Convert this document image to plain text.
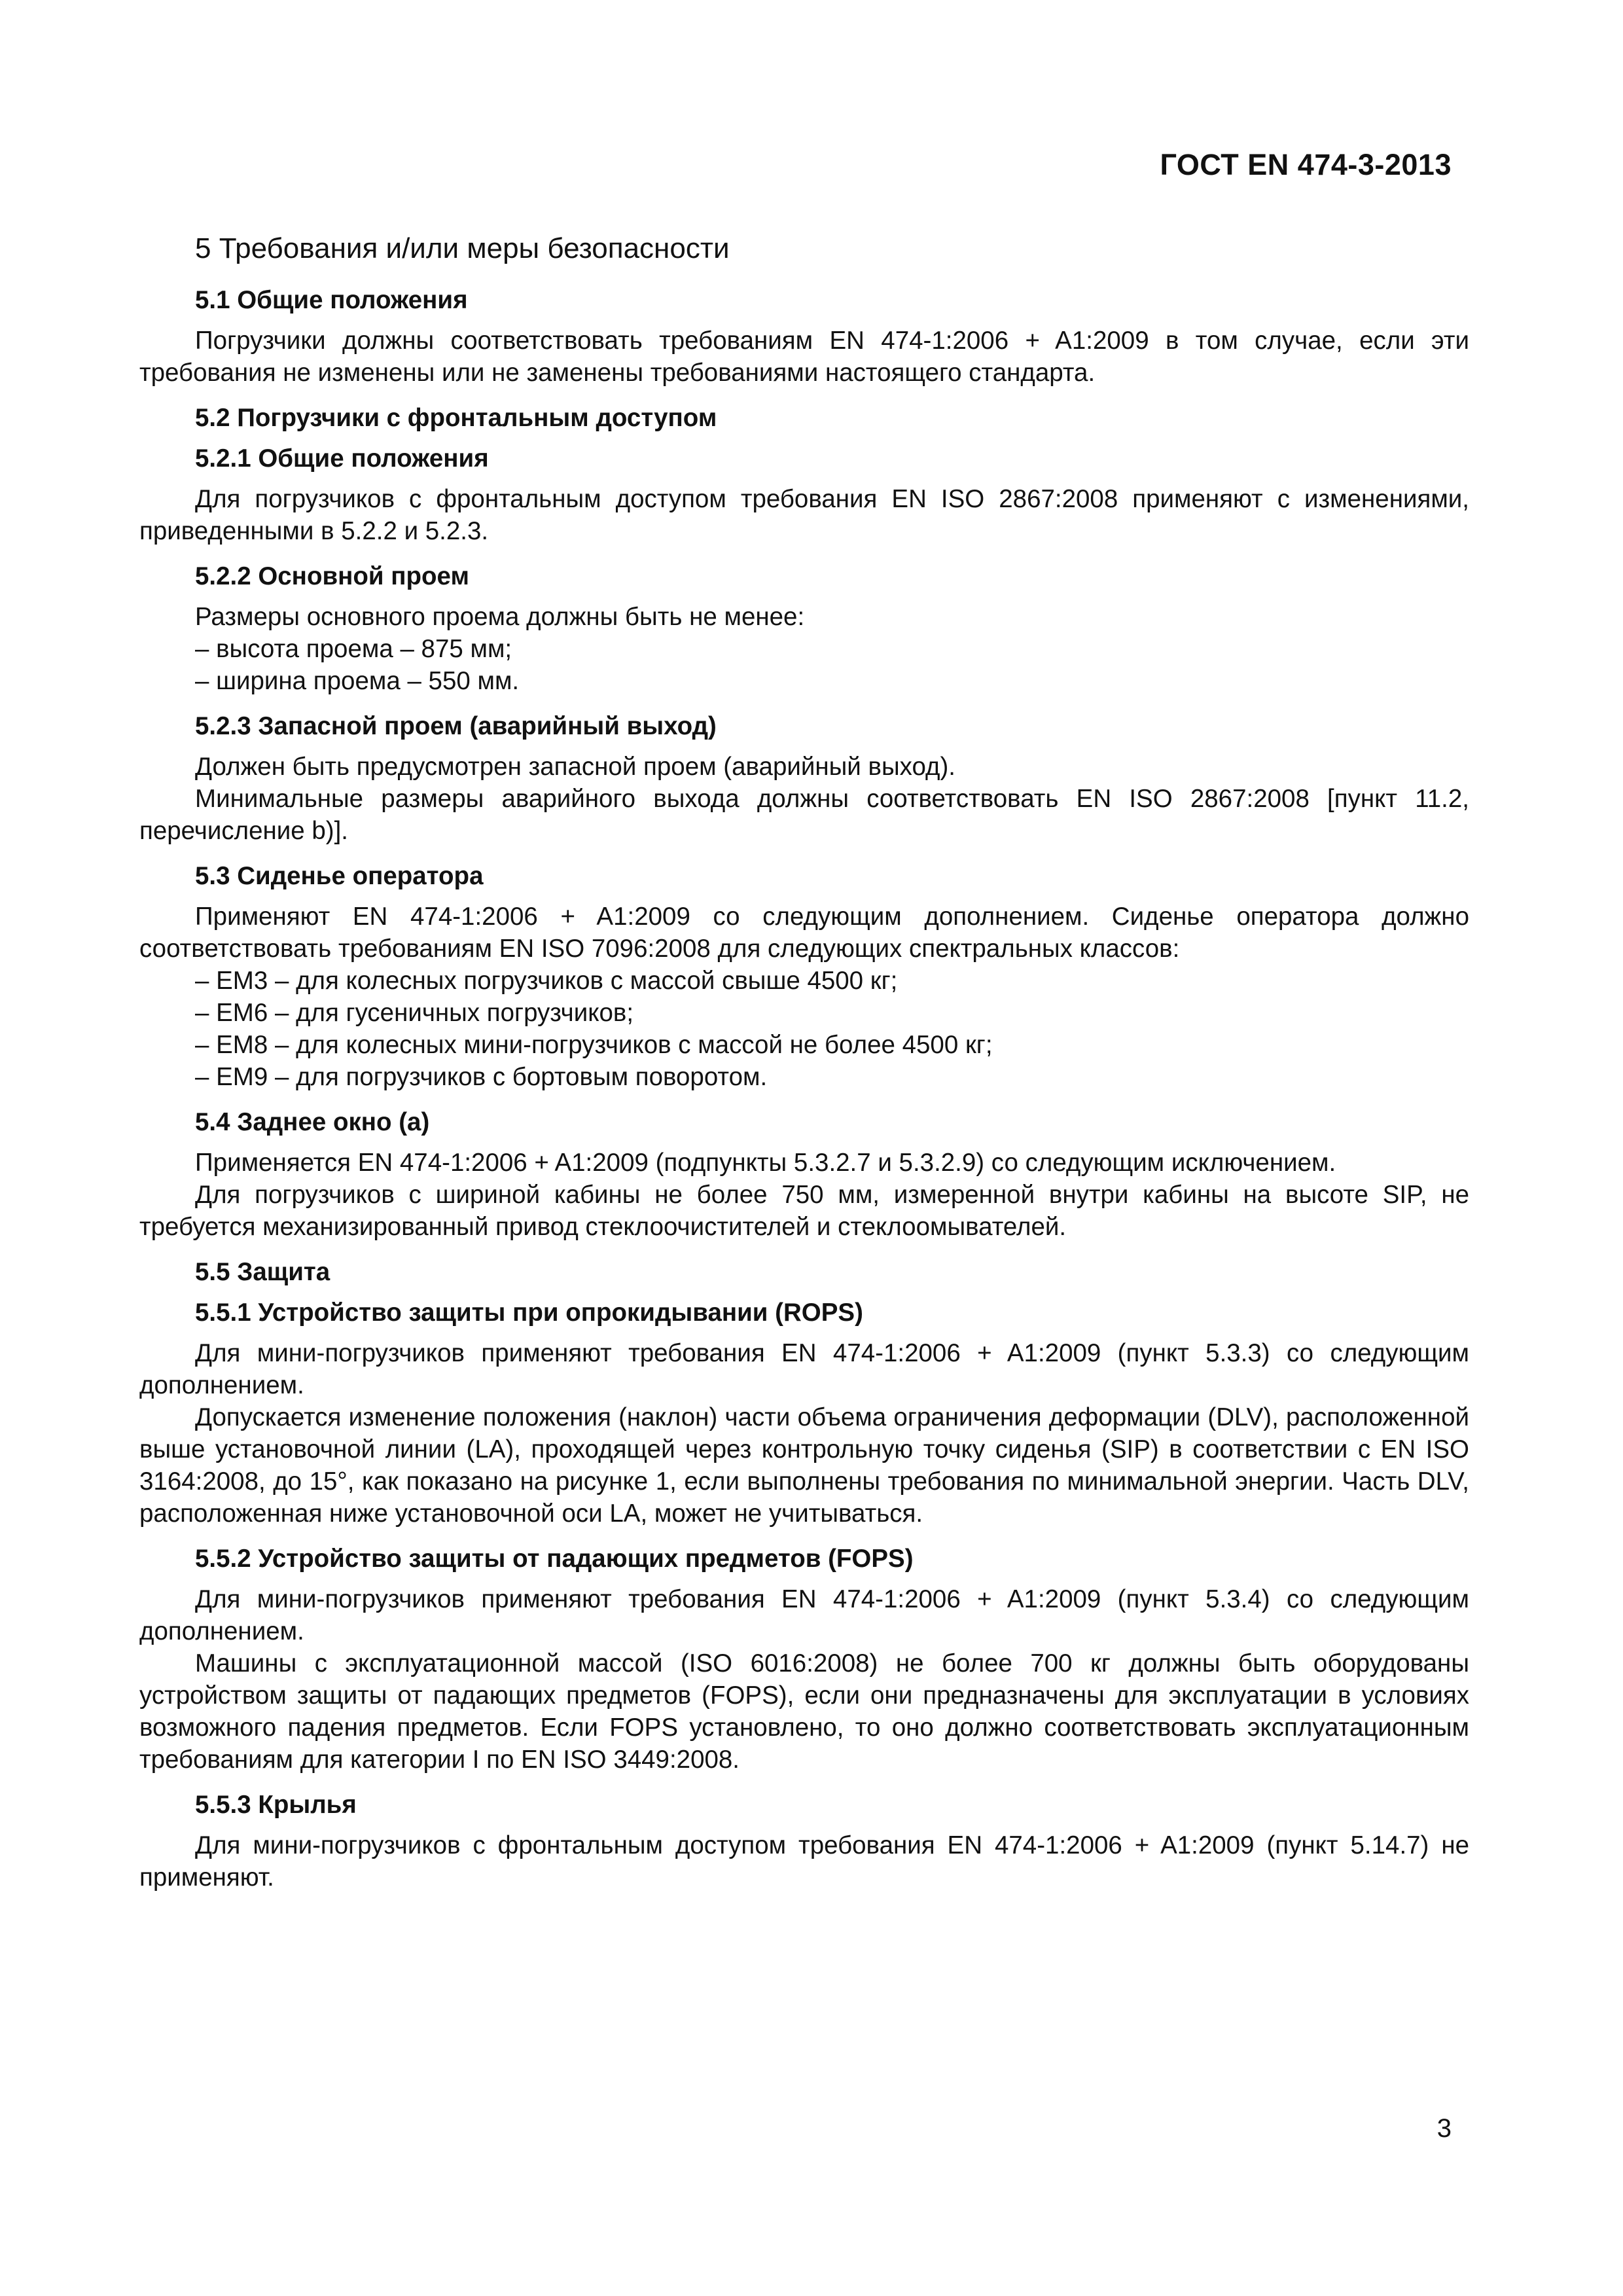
ГОСТ EN 474-3-2013
5 Требования и/или меры безопасности
5.1 Общие положения
Погрузчики должны соответствовать требованиям EN 474-1:2006 + A1:2009 в том случае, если эти требования не изменены или не заменены требованиями настоящего стандарта.
5.2 Погрузчики с фронтальным доступом
5.2.1 Общие положения
Для погрузчиков с фронтальным доступом требования EN ISO 2867:2008 применяют с изменениями, приведенными в 5.2.2 и 5.2.3.
5.2.2 Основной проем
Размеры основного проема должны быть не менее:
– высота проема – 875 мм;
– ширина проема – 550 мм.
5.2.3 Запасной проем (аварийный выход)
Должен быть предусмотрен запасной проем (аварийный выход).
Минимальные размеры аварийного выхода должны соответствовать EN ISO 2867:2008 [пункт 11.2, перечисление b)].
5.3 Сиденье оператора
Применяют EN 474-1:2006 + A1:2009 со следующим дополнением. Сиденье оператора должно соответствовать требованиям EN ISO 7096:2008 для следующих спектральных классов:
– ЕМ3 – для колесных погрузчиков с массой свыше 4500 кг;
– ЕМ6 – для гусеничных погрузчиков;
– ЕМ8 – для колесных мини-погрузчиков с массой не более 4500 кг;
– ЕМ9 – для погрузчиков с бортовым поворотом.
5.4 Заднее окно (а)
Применяется EN 474-1:2006 + A1:2009 (подпункты 5.3.2.7 и 5.3.2.9) со следующим исключением.
Для погрузчиков с шириной кабины не более 750 мм, измеренной внутри кабины на высоте SIP, не требуется механизированный привод стеклоочистителей и стеклоомывателей.
5.5 Защита
5.5.1 Устройство защиты при опрокидывании (ROPS)
Для мини-погрузчиков применяют требования EN 474-1:2006 + A1:2009 (пункт 5.3.3) со следующим дополнением.
Допускается изменение положения (наклон) части объема ограничения деформации (DLV), расположенной выше установочной линии (LA), проходящей через контрольную точку сиденья (SIP) в соответствии с EN ISO 3164:2008, до 15°, как показано на рисунке 1, если выполнены требования по минимальной энергии. Часть DLV, расположенная ниже установочной оси LA, может не учитываться.
5.5.2 Устройство защиты от падающих предметов (FOPS)
Для мини-погрузчиков применяют требования EN 474-1:2006 + A1:2009 (пункт 5.3.4) со следующим дополнением.
Машины с эксплуатационной массой (ISO 6016:2008) не более 700 кг должны быть оборудованы устройством защиты от падающих предметов (FOPS), если они предназначены для эксплуатации в условиях возможного падения предметов. Если FOPS установлено, то оно должно соответствовать эксплуатационным требованиям для категории I по EN ISO 3449:2008.
5.5.3 Крылья
Для мини-погрузчиков с фронтальным доступом требования EN 474-1:2006 + A1:2009 (пункт 5.14.7) не применяют.
3
